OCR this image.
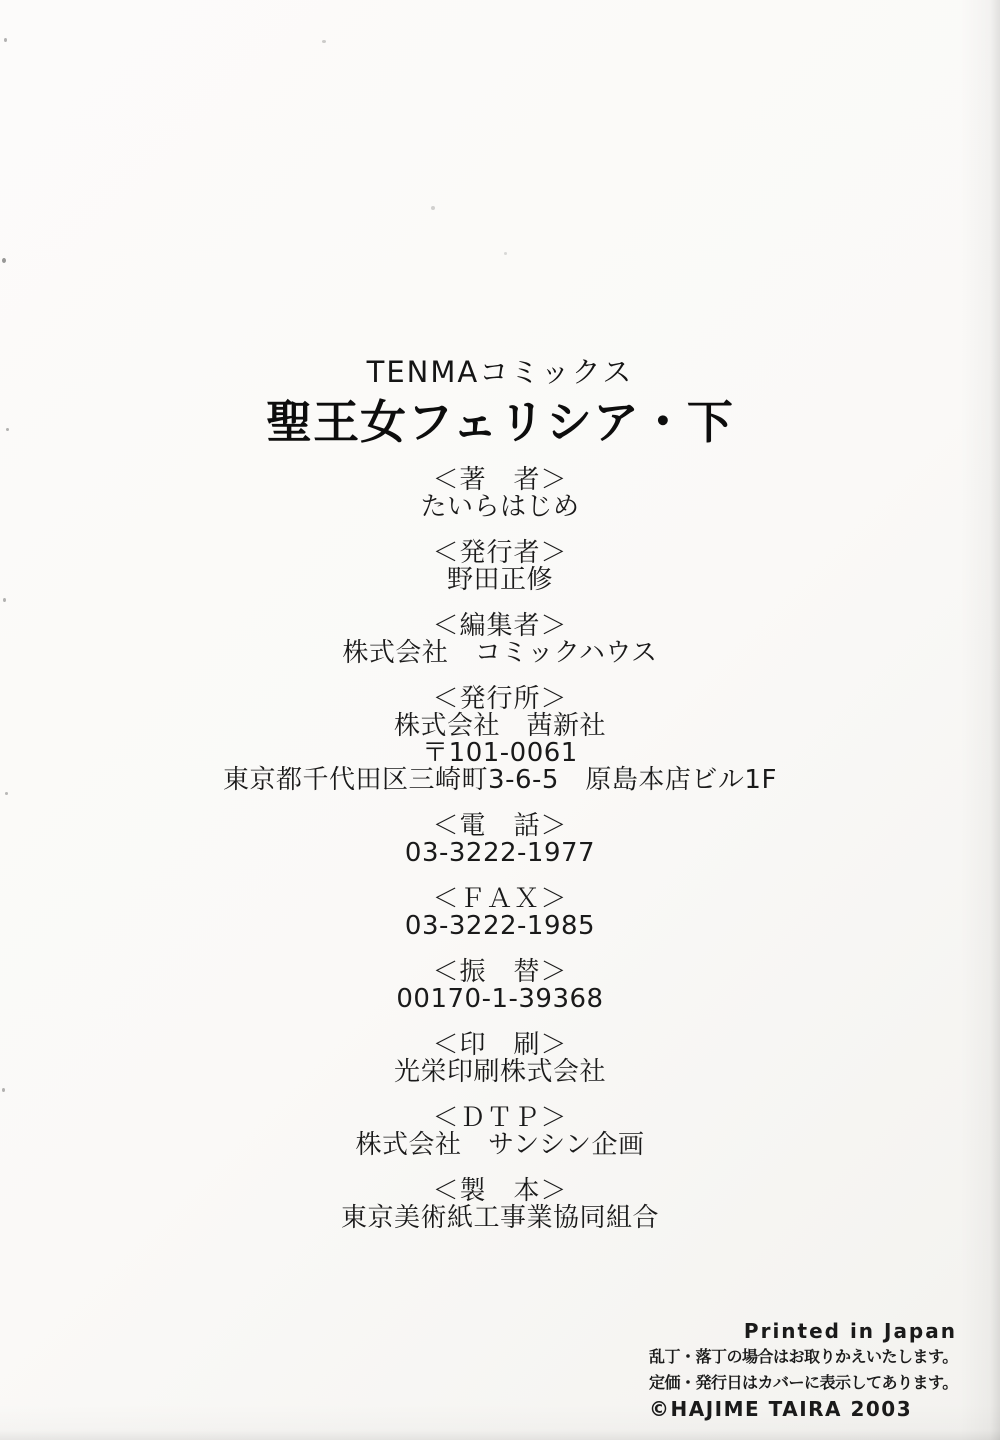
TENMAコミックス
聖王女フェリシア・下
＜著　者＞
たいらはじめ
＜発行者＞
野田正修
＜編集者＞
株式会社　コミックハウス
＜発行所＞
株式会社　茜新社
〒101-0061
東京都千代田区三崎町3-6-5　原島本店ビル1F
＜電　話＞
03-3222-1977
＜ＦＡＸ＞
03-3222-1985
＜振　替＞
00170-1-39368
＜印　刷＞
光栄印刷株式会社
＜ＤＴＰ＞
株式会社　サンシン企画
＜製　本＞
東京美術紙工事業協同組合
Printed in Japan
乱丁・落丁の場合はお取りかえいたします。
定価・発行日はカバーに表示してあります。
©HAJIME TAIRA 2003
